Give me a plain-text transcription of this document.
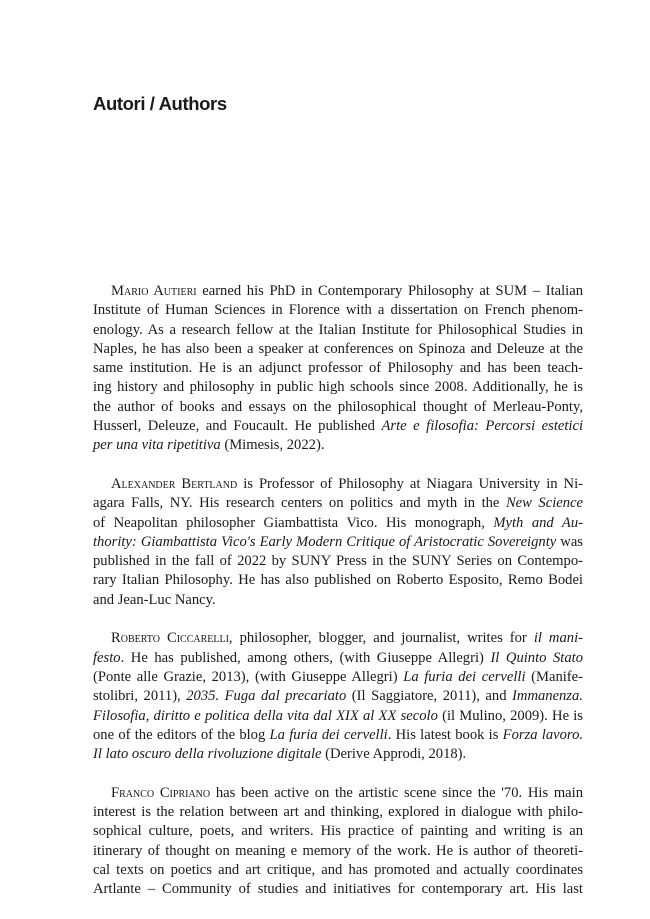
Autori / Authors
Mario Autieri earned his PhD in Contemporary Philosophy at SUM – Italian
Institute of Human Sciences in Florence with a dissertation on French phenom-
enology. As a research fellow at the Italian Institute for Philosophical Studies in
Naples, he has also been a speaker at conferences on Spinoza and Deleuze at the
same institution. He is an adjunct professor of Philosophy and has been teach-
ing history and philosophy in public high schools since 2008. Additionally, he is
the author of books and essays on the philosophical thought of Merleau-Ponty,
Husserl, Deleuze, and Foucault. He published Arte e filosofia: Percorsi estetici
per una vita ripetitiva (Mimesis, 2022).
Alexander Bertland is Professor of Philosophy at Niagara University in Ni-
agara Falls, NY. His research centers on politics and myth in the New Science
of Neapolitan philosopher Giambattista Vico. His monograph, Myth and Au-
thority: Giambattista Vico's Early Modern Critique of Aristocratic Sovereignty was
published in the fall of 2022 by SUNY Press in the SUNY Series on Contempo-
rary Italian Philosophy. He has also published on Roberto Esposito, Remo Bodei
and Jean-Luc Nancy.
Roberto Ciccarelli, philosopher, blogger, and journalist, writes for il mani-
festo. He has published, among others, (with Giuseppe Allegri) Il Quinto Stato
(Ponte alle Grazie, 2013), (with Giuseppe Allegri) La furia dei cervelli (Manife-
stolibri, 2011), 2035. Fuga dal precariato (Il Saggiatore, 2011), and Immanenza.
Filosofia, diritto e politica della vita dal XIX al XX secolo (il Mulino, 2009). He is
one of the editors of the blog La furia dei cervelli. His latest book is Forza lavoro.
Il lato oscuro della rivoluzione digitale (Derive Approdi, 2018).
Franco Cipriano has been active on the artistic scene since the '70. His main
interest is the relation between art and thinking, explored in dialogue with philo-
sophical culture, poets, and writers. His practice of painting and writing is an
itinerary of thought on meaning e memory of the work. He is author of theoreti-
cal texts on poetics and art critique, and has promoted and actually coordinates
Artlante – Community of studies and initiatives for contemporary art. His last
